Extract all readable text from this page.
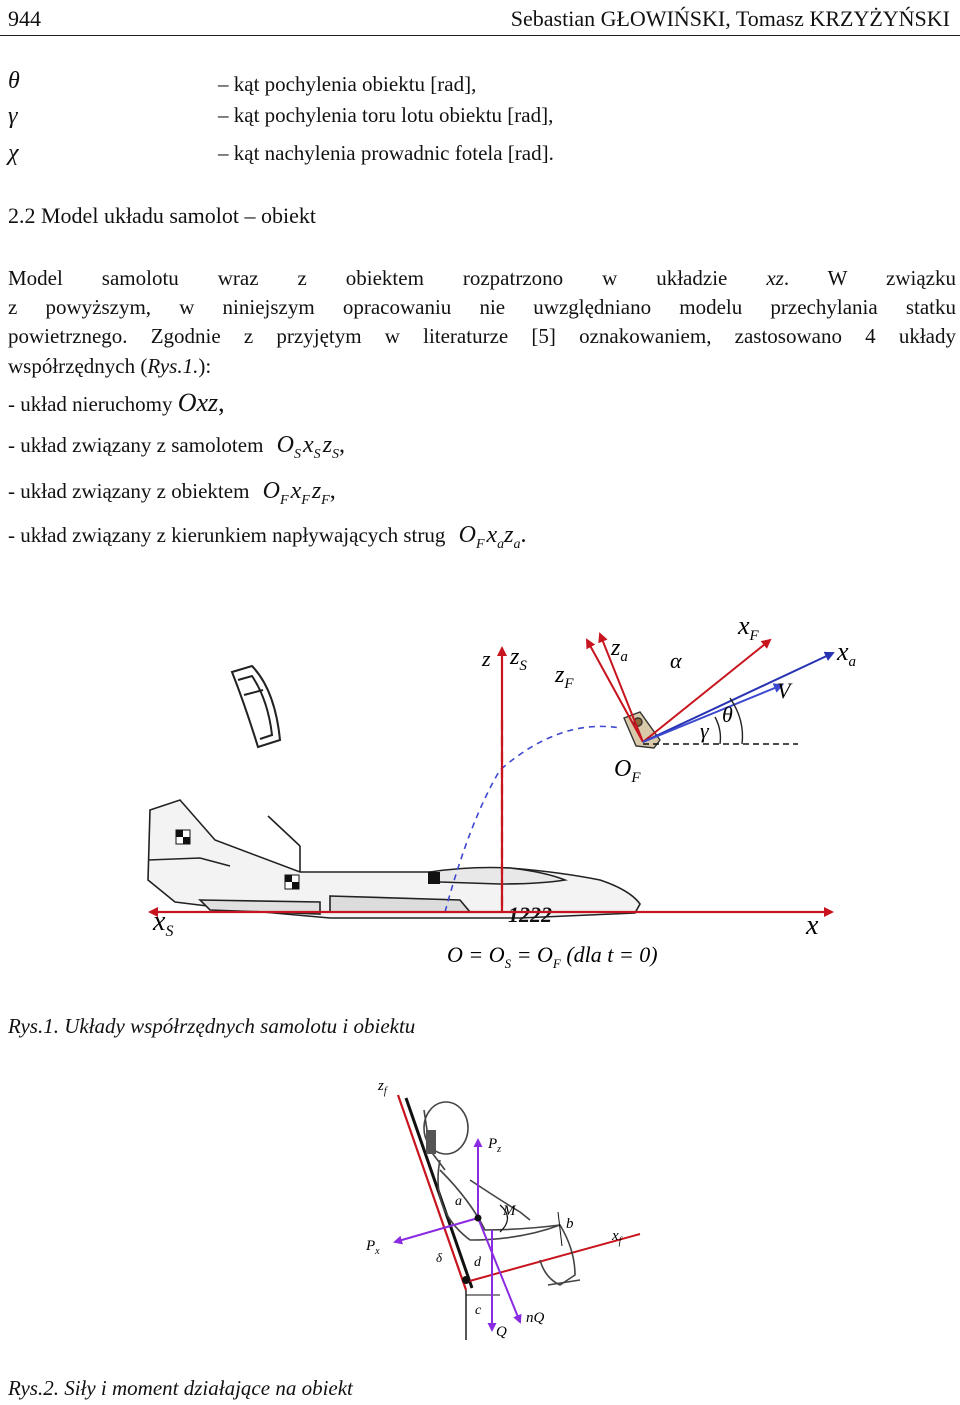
944	Sebastian GŁOWIŃSKI, Tomasz KRZYŻYŃSKI
θ	– kąt pochylenia obiektu [rad],
γ	– kąt pochylenia toru lotu obiektu [rad],
χ	– kąt nachylenia prowadnic fotela [rad].
2.2 Model układu samolot – obiekt
Model samolotu wraz z obiektem rozpatrzono w układzie xz. W związku
z powyższym, w niniejszym opracowaniu nie uwzględniano modelu przechylania statku
powietrznego. Zgodnie z przyjętym w literaturze [5] oznakowaniem, zastosowano 4 układy
współrzędnych (Rys.1.):
- układ nieruchomy Oxz,
- układ związany z samolotem $O_S$ $x_S$ $z_S$,
- układ związany z obiektem $O_F$ $x_F$ $z_F$,
- układ związany z kierunkiem napływających strug $O_F$ $x_az_a$.
1222
z $z_S$ $z_F$
$z_a$
$x_F$
$x_a$
α
V
γ
θ
$O_F$
$x_S$	x
$O = O_S = O_F$ (dla t = 0)
Rys.1. Układy współrzędnych samolotu i obiektu
$z_f$
$P_z$
a
M
b
$x_f$
$P_x$	δ d
c	nQ
Q
Rys.2. Siły i moment działające na obiekt
